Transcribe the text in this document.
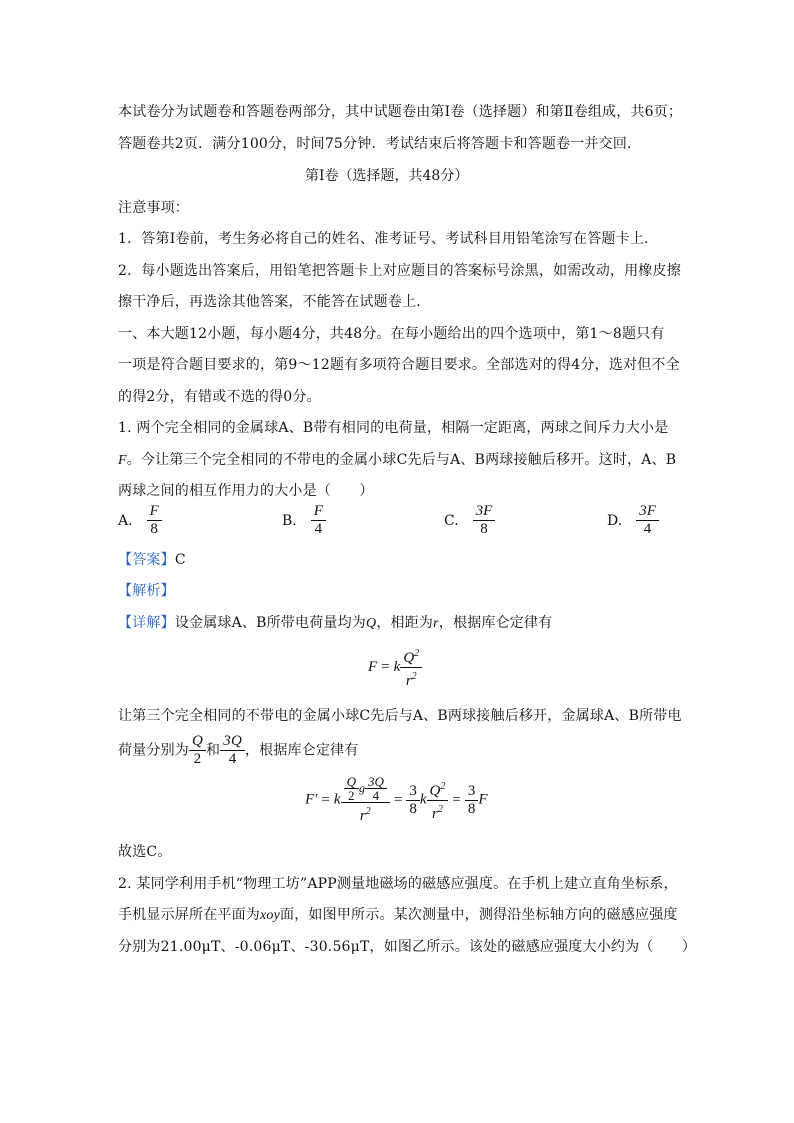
本试卷分为试题卷和答题卷两部分，其中试题卷由第Ⅰ卷（选择题）和第Ⅱ卷组成，共6页；
答题卷共2页．满分100分，时间75分钟．考试结束后将答题卡和答题卷一并交回．
第Ⅰ卷（选择题，共48分）
注意事项：
1．答第Ⅰ卷前，考生务必将自己的姓名、准考证号、考试科目用铅笔涂写在答题卡上．
2．每小题选出答案后，用铅笔把答题卡上对应题目的答案标号涂黑，如需改动，用橡皮擦
擦干净后，再选涂其他答案，不能答在试题卷上．
一、本大题12小题，每小题4分，共48分。在每小题给出的四个选项中，第1～8题只有
一项是符合题目要求的，第9～12题有多项符合题目要求。全部选对的得4分，选对但不全
的得2分，有错或不选的得0分。
1. 两个完全相同的金属球A、B带有相同的电荷量，相隔一定距离，两球之间斥力大小是
F。今让第三个完全相同的不带电的金属小球C先后与A、B两球接触后移开。这时，A、B
两球之间的相互作用力的大小是（　　）
A. $\frac{F}{8}$	B. $\frac{F}{4}$	C. $\frac{3F}{8}$	D. $\frac{3F}{4}$
【答案】C
【解析】
【详解】设金属球A、B所带电荷量均为Q，相距为r，根据库仑定律有
F = k $\frac{Q^2}{r^2}$
让第三个完全相同的不带电的金属小球C先后与A、B两球接触后移开，金属球A、B所带电
荷量分别为 $\frac{Q}{2}$ 和 $\frac{3Q}{4}$ ，根据库仑定律有
F′ = k $\frac{\frac{Q}{2} g \frac{3Q}{4}}{r^2} = \frac{3}{8}$ k $\frac{Q^2}{r^2} = \frac{3}{8}$ F
故选C。
2. 某同学利用手机“物理工坊”APP测量地磁场的磁感应强度。在手机上建立直角坐标系，
手机显示屏所在平面为xoy面，如图甲所示。某次测量中，测得沿坐标轴方向的磁感应强度
分别为21.00μT、-0.06μT、-30.56μT，如图乙所示。该处的磁感应强度大小约为（　　）
